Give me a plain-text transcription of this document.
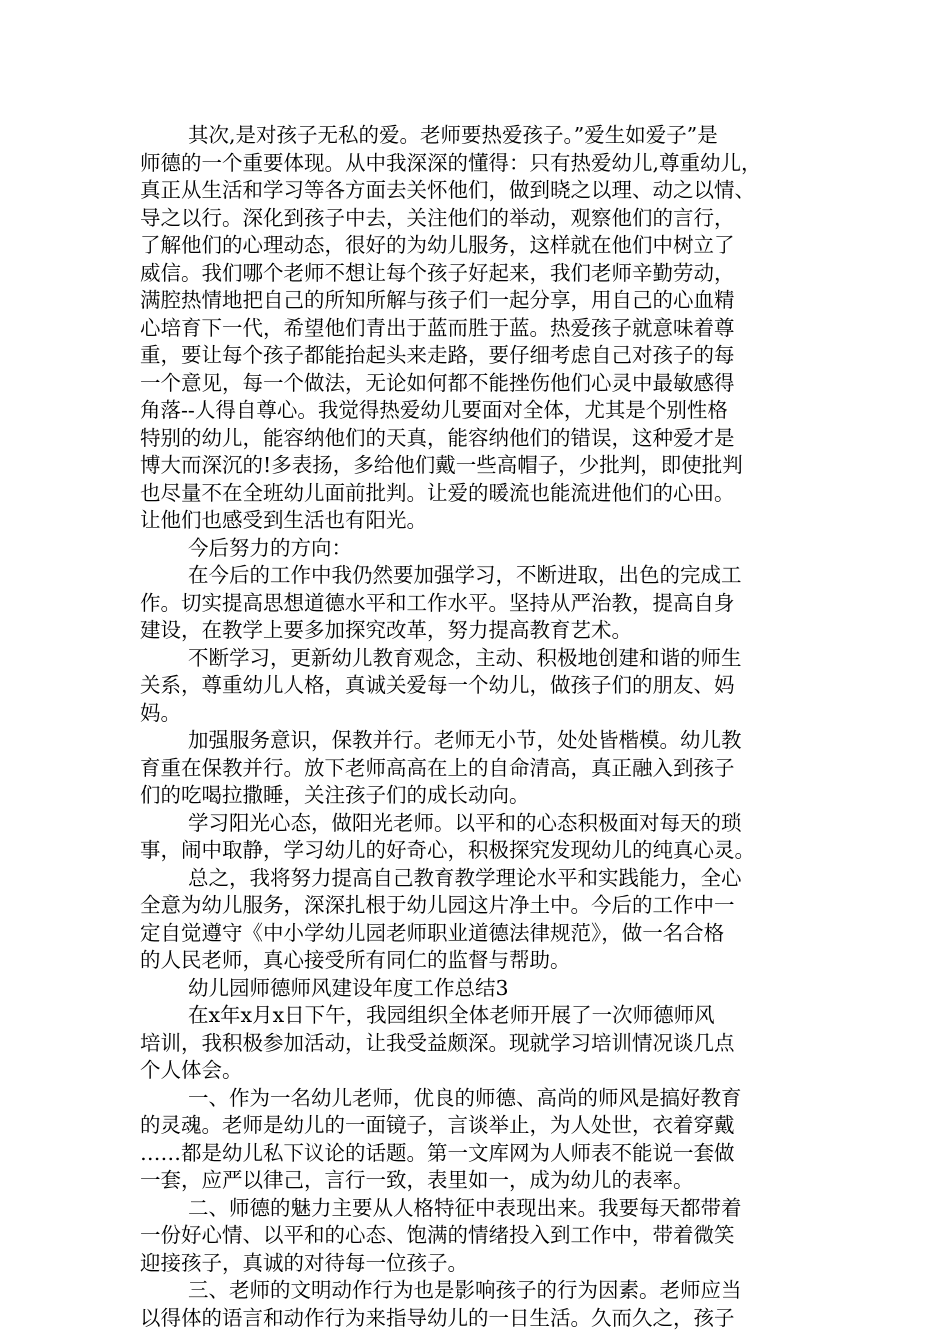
其次,是对孩子无私的爱。老师要热爱孩子。”爱生如爱子”是
师德的一个重要体现。从中我深深的懂得：只有热爱幼儿,尊重幼儿，
真正从生活和学习等各方面去关怀他们，做到晓之以理、动之以情、
导之以行。深化到孩子中去，关注他们的举动，观察他们的言行，
了解他们的心理动态，很好的为幼儿服务，这样就在他们中树立了
威信。我们哪个老师不想让每个孩子好起来，我们老师辛勤劳动，
满腔热情地把自己的所知所解与孩子们一起分享，用自己的心血精
心培育下一代，希望他们青出于蓝而胜于蓝。热爱孩子就意味着尊
重，要让每个孩子都能抬起头来走路，要仔细考虑自己对孩子的每
一个意见，每一个做法，无论如何都不能挫伤他们心灵中最敏感得
角落--人得自尊心。我觉得热爱幼儿要面对全体，尤其是个别性格
特别的幼儿，能容纳他们的天真，能容纳他们的错误，这种爱才是
博大而深沉的!多表扬，多给他们戴一些高帽子，少批判，即使批判
也尽量不在全班幼儿面前批判。让爱的暖流也能流进他们的心田。
让他们也感受到生活也有阳光。
今后努力的方向：
在今后的工作中我仍然要加强学习，不断进取，出色的完成工
作。切实提高思想道德水平和工作水平。坚持从严治教，提高自身
建设，在教学上要多加探究改革，努力提高教育艺术。
不断学习，更新幼儿教育观念，主动、积极地创建和谐的师生
关系，尊重幼儿人格，真诚关爱每一个幼儿，做孩子们的朋友、妈
妈。
加强服务意识，保教并行。老师无小节，处处皆楷模。幼儿教
育重在保教并行。放下老师高高在上的自命清高，真正融入到孩子
们的吃喝拉撒睡，关注孩子们的成长动向。
学习阳光心态，做阳光老师。以平和的心态积极面对每天的琐
事，闹中取静，学习幼儿的好奇心，积极探究发现幼儿的纯真心灵。
总之，我将努力提高自己教育教学理论水平和实践能力，全心
全意为幼儿服务，深深扎根于幼儿园这片净土中。今后的工作中一
定自觉遵守《中小学幼儿园老师职业道德法律规范》，做一名合格
的人民老师，真心接受所有同仁的监督与帮助。
幼儿园师德师风建设年度工作总结3
在x年x月x日下午，我园组织全体老师开展了一次师德师风
培训，我积极参加活动，让我受益颇深。现就学习培训情况谈几点
个人体会。
一、作为一名幼儿老师，优良的师德、高尚的师风是搞好教育
的灵魂。老师是幼儿的一面镜子，言谈举止，为人处世，衣着穿戴
……都是幼儿私下议论的话题。第一文库网为人师表不能说一套做
一套，应严以律己，言行一致，表里如一，成为幼儿的表率。
二、师德的魅力主要从人格特征中表现出来。我要每天都带着
一份好心情、以平和的心态、饱满的情绪投入到工作中，带着微笑
迎接孩子，真诚的对待每一位孩子。
三、老师的文明动作行为也是影响孩子的行为因素。老师应当
以得体的语言和动作行为来指导幼儿的一日生活。久而久之，孩子
